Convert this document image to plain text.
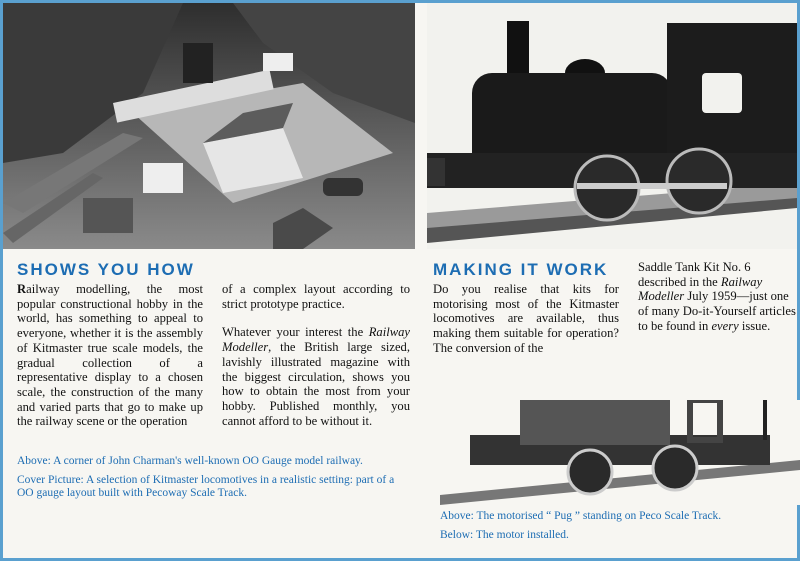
SHOWS YOU HOW

Railway modelling, the most popular constructional hobby in the world, has something to appeal to everyone, whether it is the assembly of Kitmaster true scale models, the gradual collection of a representative display to a chosen scale, the construction of the many and varied parts that go to make up the railway scene or the operation

of a complex layout according to strict prototype practice.

Whatever your interest the Railway Modeller, the British large sized, lavishly illustrated magazine with the biggest circulation, shows you how to obtain the most from your hobby. Published monthly, you cannot afford to be without it.

Above: A corner of John Charman's well-known OO Gauge model railway.
Cover Picture: A selection of Kitmaster locomotives in a realistic setting: part of a OO gauge layout built with Pecoway Scale Track.
MAKING IT WORK

Do you realise that kits for motorising most of the Kitmaster locomotives are available, thus making them suitable for operation? The conversion of the

Saddle Tank Kit No. 6 described in the Railway Modeller July 1959—just one of many Do-it-Yourself articles to be found in every issue.

Above: The motorised “ Pug ” standing on Peco Scale Track.
Below: The motor installed.
